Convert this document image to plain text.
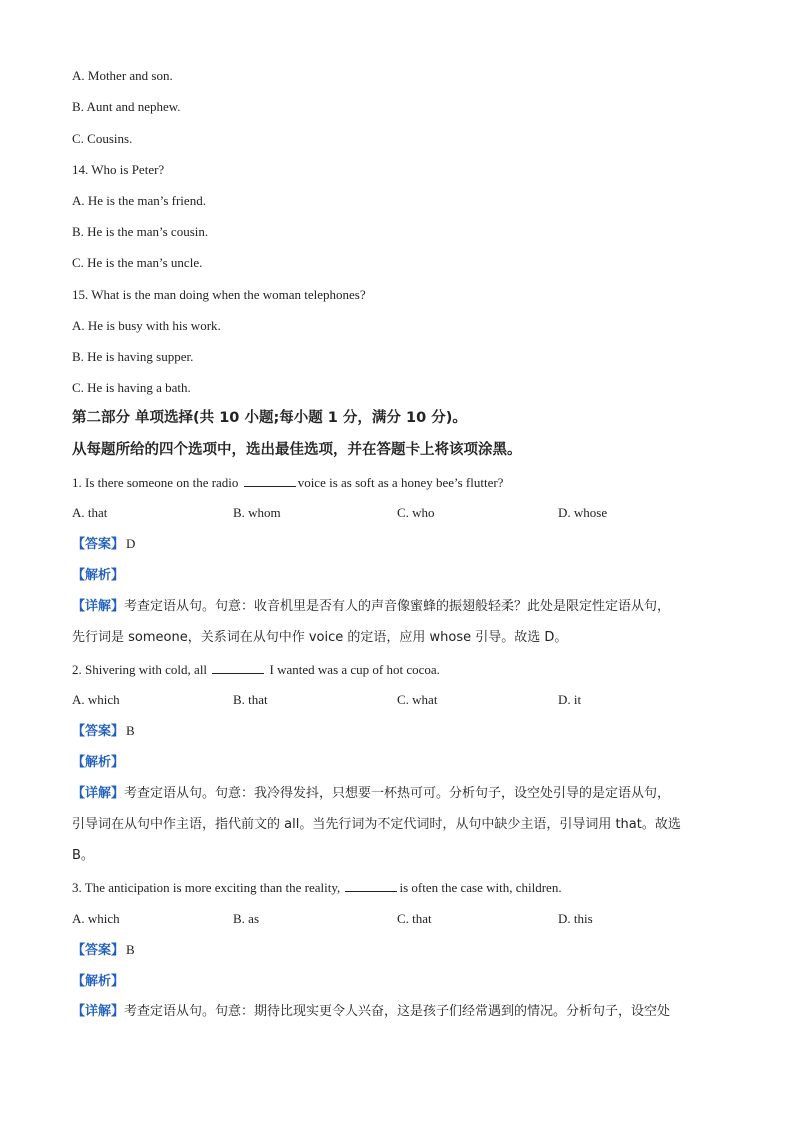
A. Mother and son.
B. Aunt and nephew.
C. Cousins.
14. Who is Peter?
A. He is the man’s friend.
B. He is the man’s cousin.
C. He is the man’s uncle.
15. What is the man doing when the woman telephones?
A. He is busy with his work.
B. He is having supper.
C. He is having a bath.
第二部分 单项选择(共 10 小题;每小题 1 分，满分 10 分)。
从每题所给的四个选项中，选出最佳选项，并在答题卡上将该项涂黑。
1. Is there someone on the radio	voice is as soft as a honey bee’s flutter?
A. that	B. whom	C. who	D. whose
【答案】 D
【解析】
【详解】考查定语从句。句意：收音机里是否有人的声音像蜜蜂的振翅般轻柔？此处是限定性定语从句，
先行词是 someone，关系词在从句中作 voice 的定语，应用 whose 引导。故选 D。
2. Shivering with cold, all	I wanted was a cup of hot cocoa.
A. which	B. that	C. what	D. it
【答案】 B
【解析】
【详解】考查定语从句。句意：我冷得发抖，只想要一杯热可可。分析句子，设空处引导的是定语从句，
引导词在从句中作主语，指代前文的 all。当先行词为不定代词时，从句中缺少主语，引导词用 that。故选
B。
3. The anticipation is more exciting than the reality,	is often the case with, children.
A. which	B. as	C. that	D. this
【答案】 B
【解析】
【详解】考查定语从句。句意：期待比现实更令人兴奋，这是孩子们经常遇到的情况。分析句子，设空处
